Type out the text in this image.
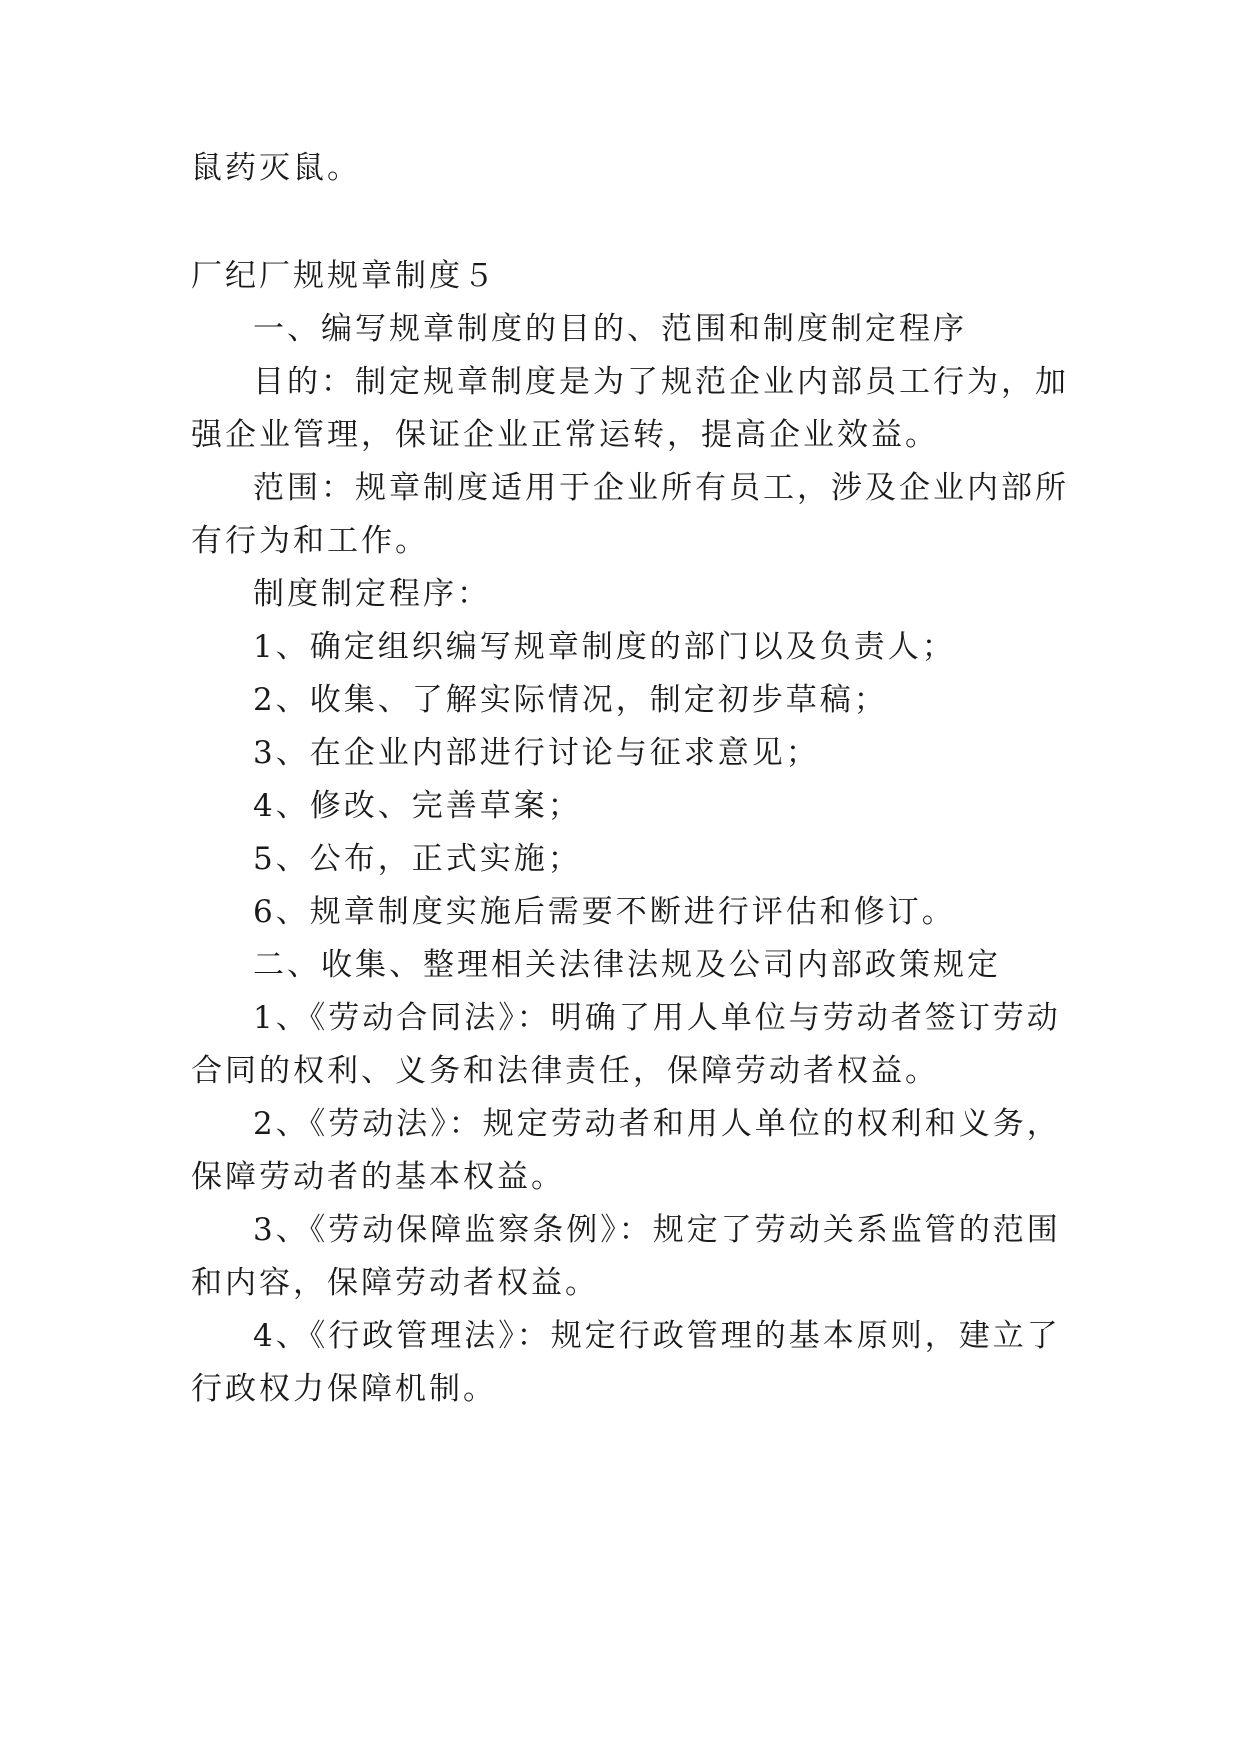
鼠药灭鼠。
厂纪厂规规章制度５
一、编写规章制度的目的、范围和制度制定程序
目的：制定规章制度是为了规范企业内部员工行为，加
强企业管理，保证企业正常运转，提高企业效益。
范围：规章制度适用于企业所有员工，涉及企业内部所
有行为和工作。
制度制定程序：
1、确定组织编写规章制度的部门以及负责人；
2、收集、了解实际情况，制定初步草稿；
3、在企业内部进行讨论与征求意见；
4、修改、完善草案；
5、公布，正式实施；
6、规章制度实施后需要不断进行评估和修订。
二、收集、整理相关法律法规及公司内部政策规定
1、《劳动合同法》：明确了用人单位与劳动者签订劳动
合同的权利、义务和法律责任，保障劳动者权益。
2、《劳动法》：规定劳动者和用人单位的权利和义务，
保障劳动者的基本权益。
3、《劳动保障监察条例》：规定了劳动关系监管的范围
和内容，保障劳动者权益。
4、《行政管理法》：规定行政管理的基本原则，建立了
行政权力保障机制。
